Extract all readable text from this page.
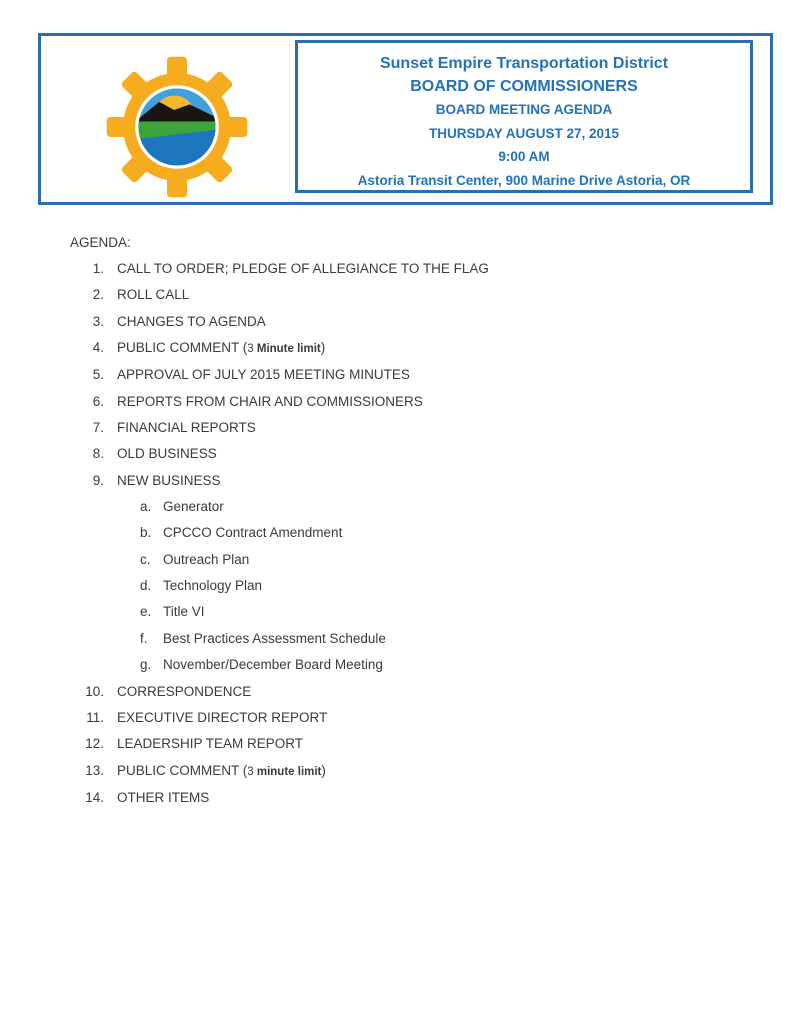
Sunset Empire Transportation District
BOARD OF COMMISSIONERS
BOARD MEETING AGENDA
THURSDAY AUGUST 27, 2015
9:00 AM
Astoria Transit Center, 900 Marine Drive Astoria, OR
AGENDA:
1. CALL TO ORDER; PLEDGE OF ALLEGIANCE TO THE FLAG
2. ROLL CALL
3. CHANGES TO AGENDA
4. PUBLIC COMMENT (3 Minute limit)
5. APPROVAL OF JULY 2015 MEETING MINUTES
6. REPORTS FROM CHAIR AND COMMISSIONERS
7. FINANCIAL REPORTS
8. OLD BUSINESS
9. NEW BUSINESS
a. Generator
b. CPCCO Contract Amendment
c. Outreach Plan
d. Technology Plan
e. Title VI
f.	Best Practices Assessment Schedule
g. November/December Board Meeting
10. CORRESPONDENCE
11. EXECUTIVE DIRECTOR REPORT
12. LEADERSHIP TEAM REPORT
13. PUBLIC COMMENT (3 minute limit)
14. OTHER ITEMS
